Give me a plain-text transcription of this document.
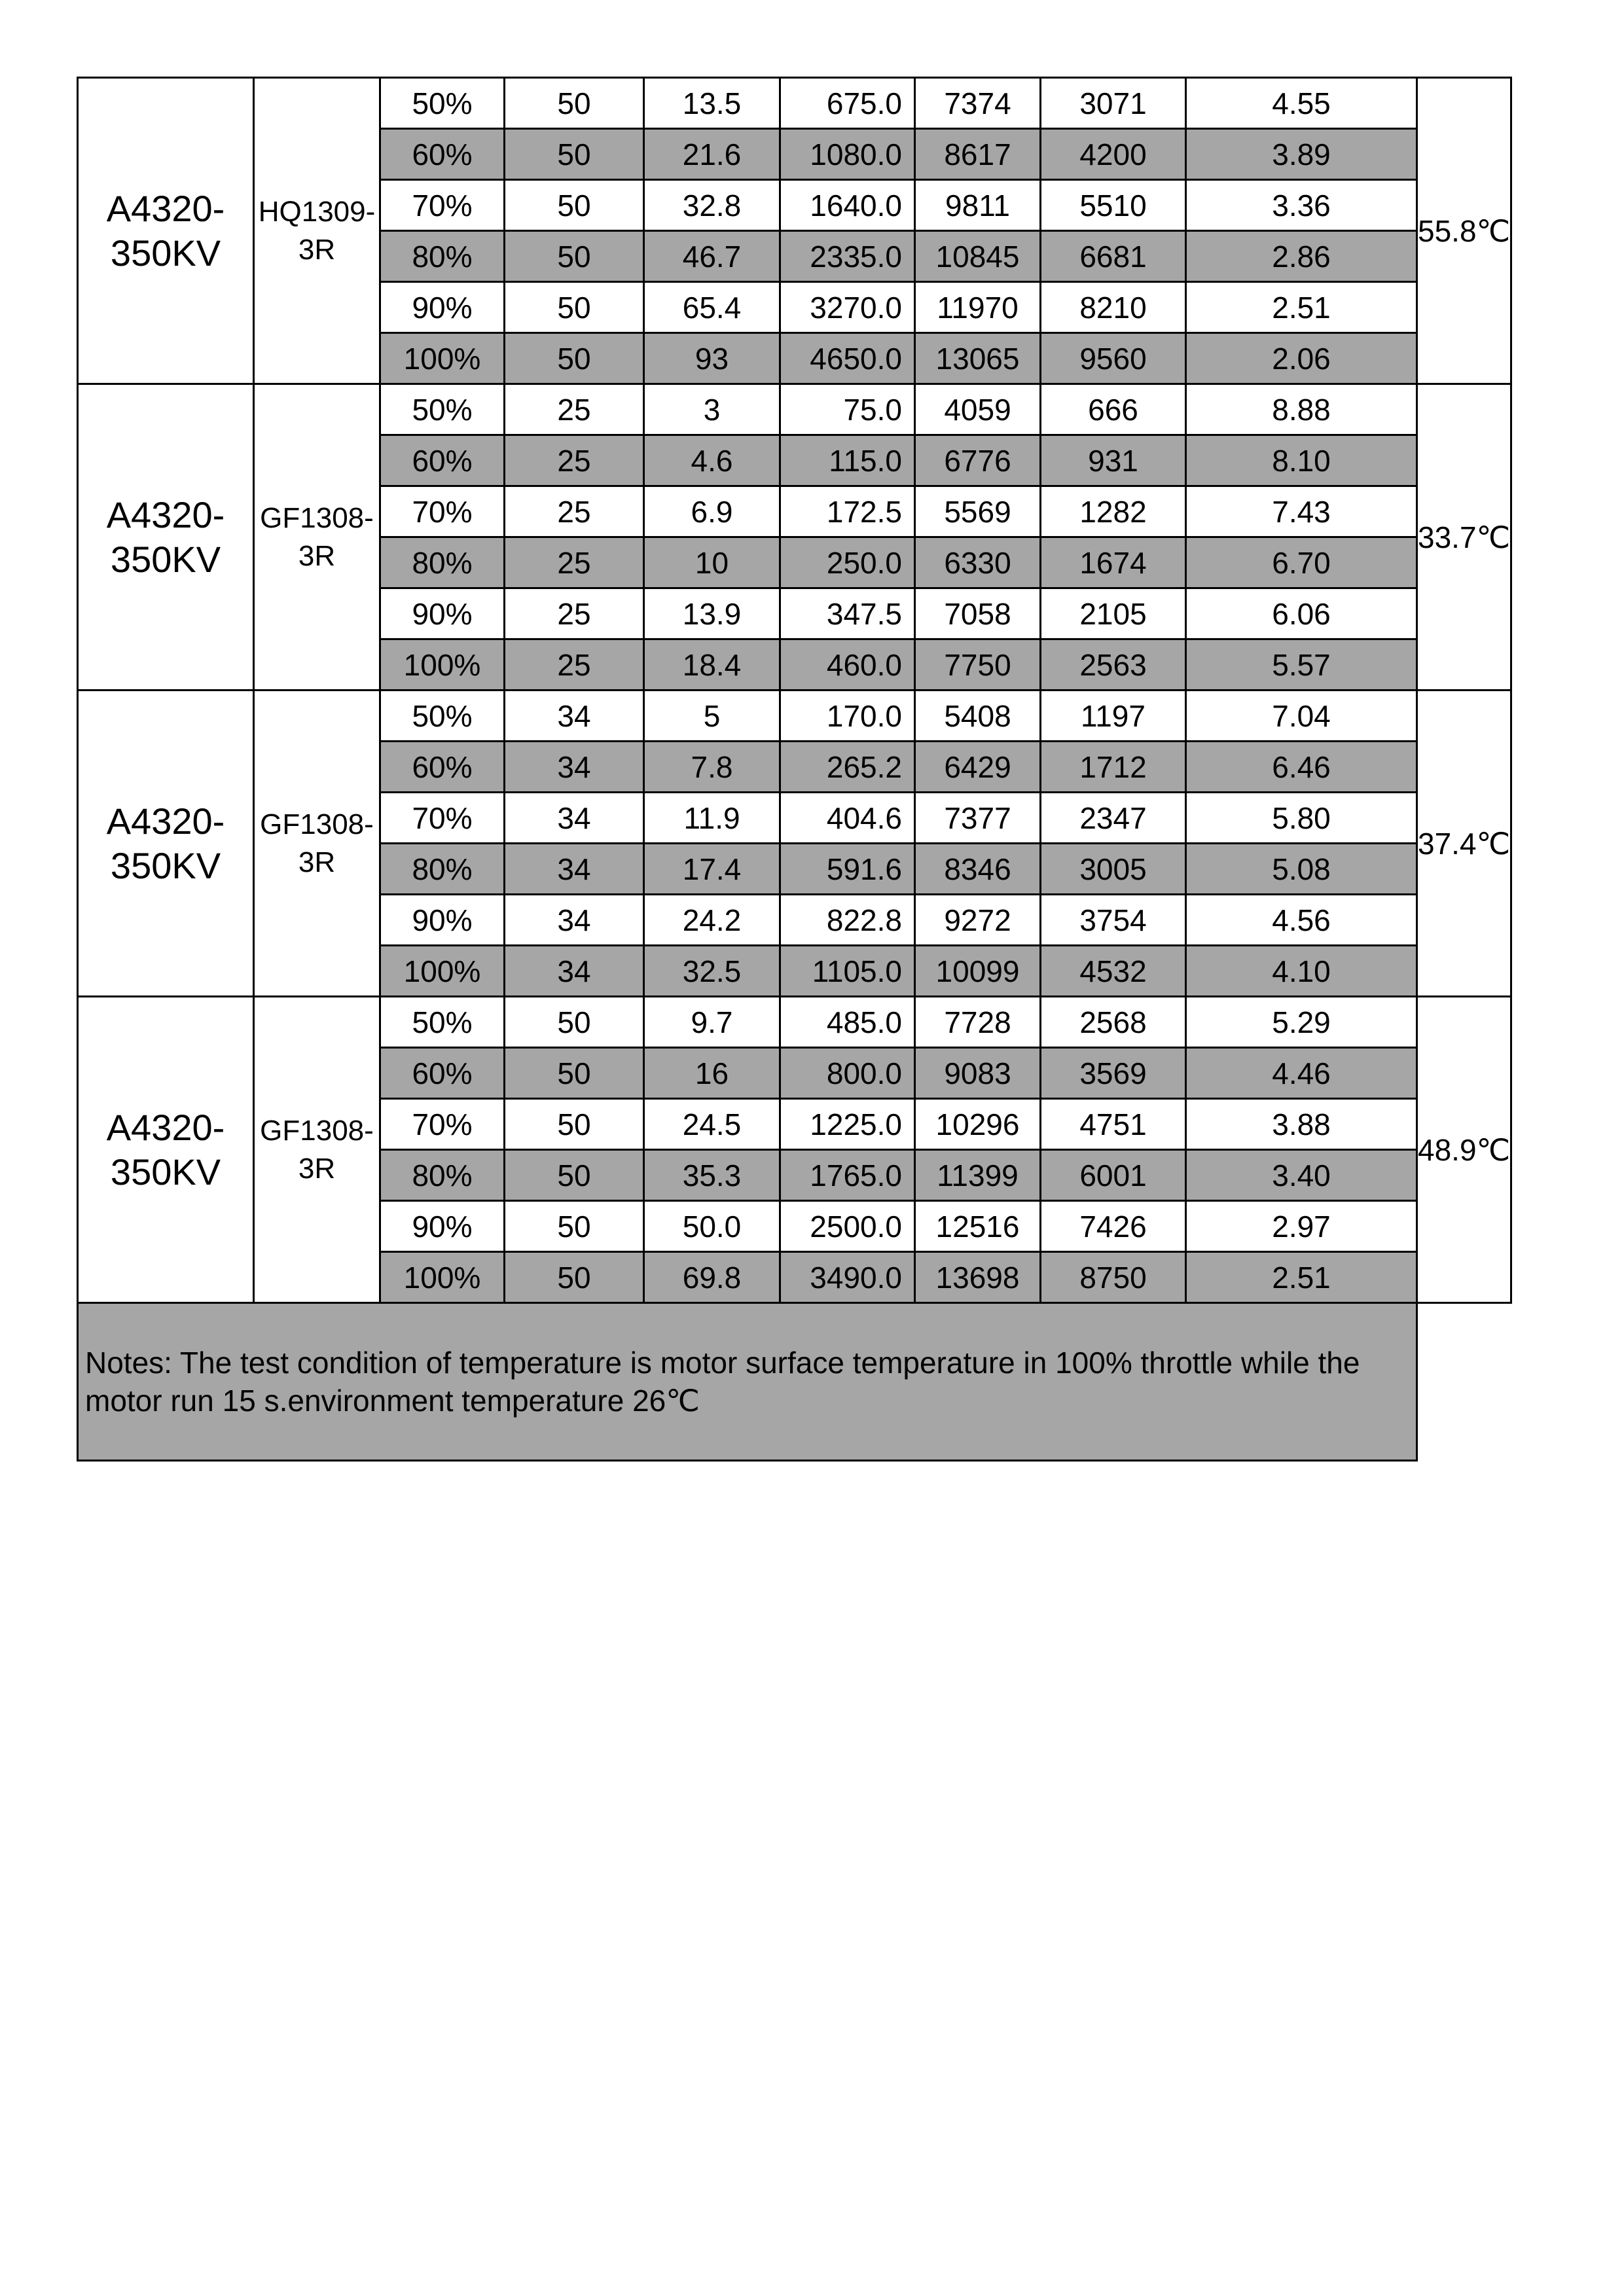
A4320-350KV	HQ1309-3R	50%	50	13.5	675.0	7374	3071	4.55	55.8℃
		60%	50	21.6	1080.0	8617	4200	3.89	
		70%	50	32.8	1640.0	9811	5510	3.36	
		80%	50	46.7	2335.0	10845	6681	2.86	
		90%	50	65.4	3270.0	11970	8210	2.51	
		100%	50	93	4650.0	13065	9560	2.06	
A4320-350KV	GF1308-3R	50%	25	3	75.0	4059	666	8.88	33.7℃
		60%	25	4.6	115.0	6776	931	8.10	
		70%	25	6.9	172.5	5569	1282	7.43	
		80%	25	10	250.0	6330	1674	6.70	
		90%	25	13.9	347.5	7058	2105	6.06	
		100%	25	18.4	460.0	7750	2563	5.57	
A4320-350KV	GF1308-3R	50%	34	5	170.0	5408	1197	7.04	37.4℃
		60%	34	7.8	265.2	6429	1712	6.46	
		70%	34	11.9	404.6	7377	2347	5.80	
		80%	34	17.4	591.6	8346	3005	5.08	
		90%	34	24.2	822.8	9272	3754	4.56	
		100%	34	32.5	1105.0	10099	4532	4.10	
A4320-350KV	GF1308-3R	50%	50	9.7	485.0	7728	2568	5.29	48.9℃
		60%	50	16	800.0	9083	3569	4.46	
		70%	50	24.5	1225.0	10296	4751	3.88	
		80%	50	35.3	1765.0	11399	6001	3.40	
		90%	50	50.0	2500.0	12516	7426	2.97	
		100%	50	69.8	3490.0	13698	8750	2.51	
Notes: The test condition of temperature is motor surface temperature in 100% throttle while the motor run 15 s.environment temperature 26℃									
